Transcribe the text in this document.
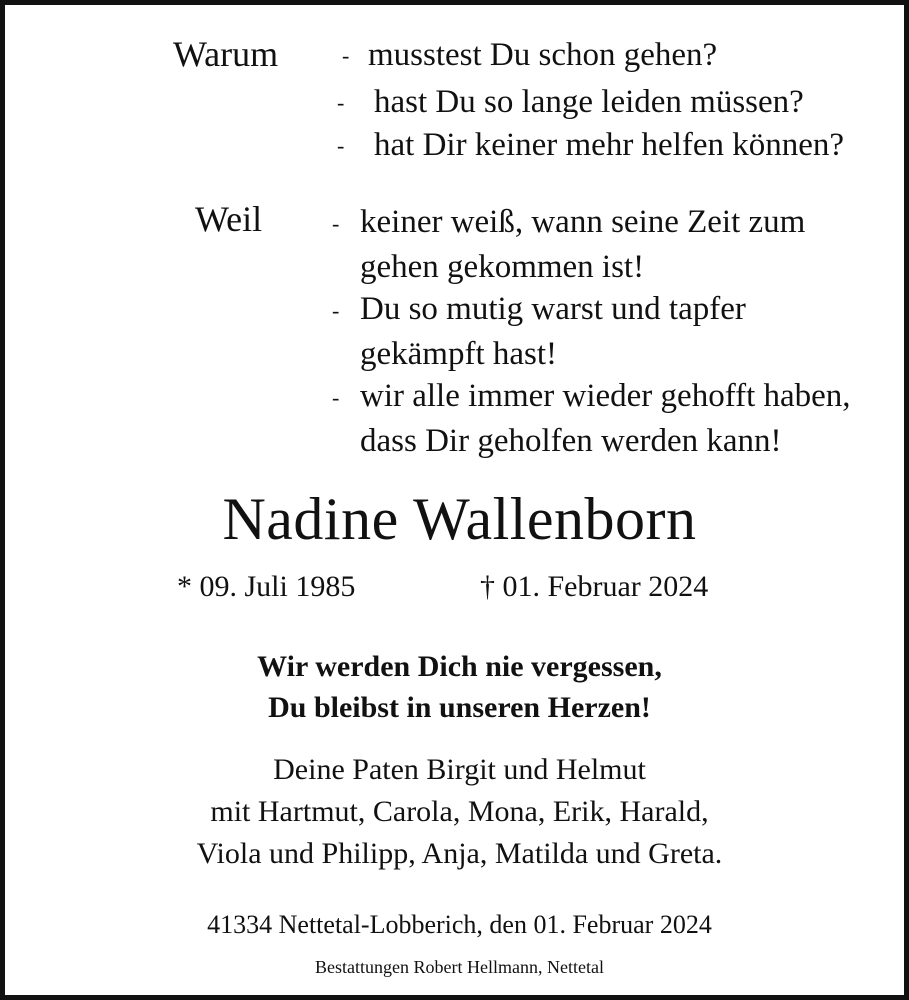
Warum	- musstest Du schon gehen?
- hast Du so lange leiden müssen?
- hat Dir keiner mehr helfen können?
Weil	- keiner weiß, wann seine Zeit zum
gehen gekommen ist!
- Du so mutig warst und tapfer
gekämpft hast!
- wir alle immer wieder gehofft haben,
dass Dir geholfen werden kann!
Nadine Wallenborn
* 09. Juli 1985	† 01. Februar 2024
Wir werden Dich nie vergessen,
Du bleibst in unseren Herzen!
Deine Paten Birgit und Helmut
mit Hartmut, Carola, Mona, Erik, Harald,
Viola und Philipp, Anja, Matilda und Greta.
41334 Nettetal-Lobberich, den 01. Februar 2024
Bestattungen Robert Hellmann, Nettetal
